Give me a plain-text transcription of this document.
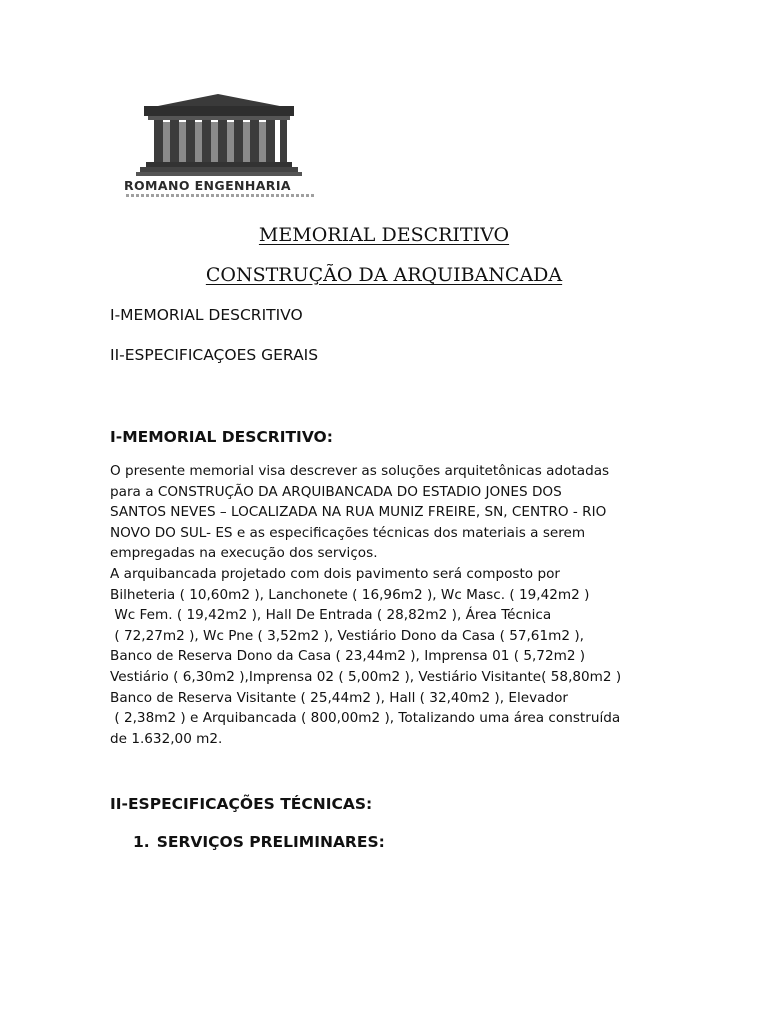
ROMANO ENGENHARIA
MEMORIAL DESCRITIVO
CONSTRUÇÃO DA ARQUIBANCADA
I-MEMORIAL DESCRITIVO
II-ESPECIFICAÇOES GERAIS
I-MEMORIAL DESCRITIVO:
O presente memorial visa descrever as soluções arquitetônicas adotadas
para a CONSTRUÇÃO DA ARQUIBANCADA DO ESTADIO JONES DOS
SANTOS NEVES – LOCALIZADA NA RUA MUNIZ FREIRE, SN, CENTRO - RIO
NOVO DO SUL- ES e as especificações técnicas dos materiais a serem
empregadas na execução dos serviços.
A arquibancada projetado com dois pavimento será composto por
Bilheteria ( 10,60m2 ), Lanchonete ( 16,96m2 ), Wc Masc. ( 19,42m2 )
Wc Fem. ( 19,42m2 ), Hall De Entrada ( 28,82m2 ), Área Técnica
( 72,27m2 ), Wc Pne ( 3,52m2 ), Vestiário Dono da Casa ( 57,61m2 ),
Banco de Reserva Dono da Casa ( 23,44m2 ), Imprensa 01 ( 5,72m2 )
Vestiário ( 6,30m2 ),Imprensa 02 ( 5,00m2 ), Vestiário Visitante( 58,80m2 )
Banco de Reserva Visitante ( 25,44m2 ), Hall ( 32,40m2 ), Elevador
( 2,38m2 ) e Arquibancada ( 800,00m2 ), Totalizando uma área construída
de 1.632,00 m2.
II-ESPECIFICAÇÕES TÉCNICAS:
1. SERVIÇOS PRELIMINARES:
